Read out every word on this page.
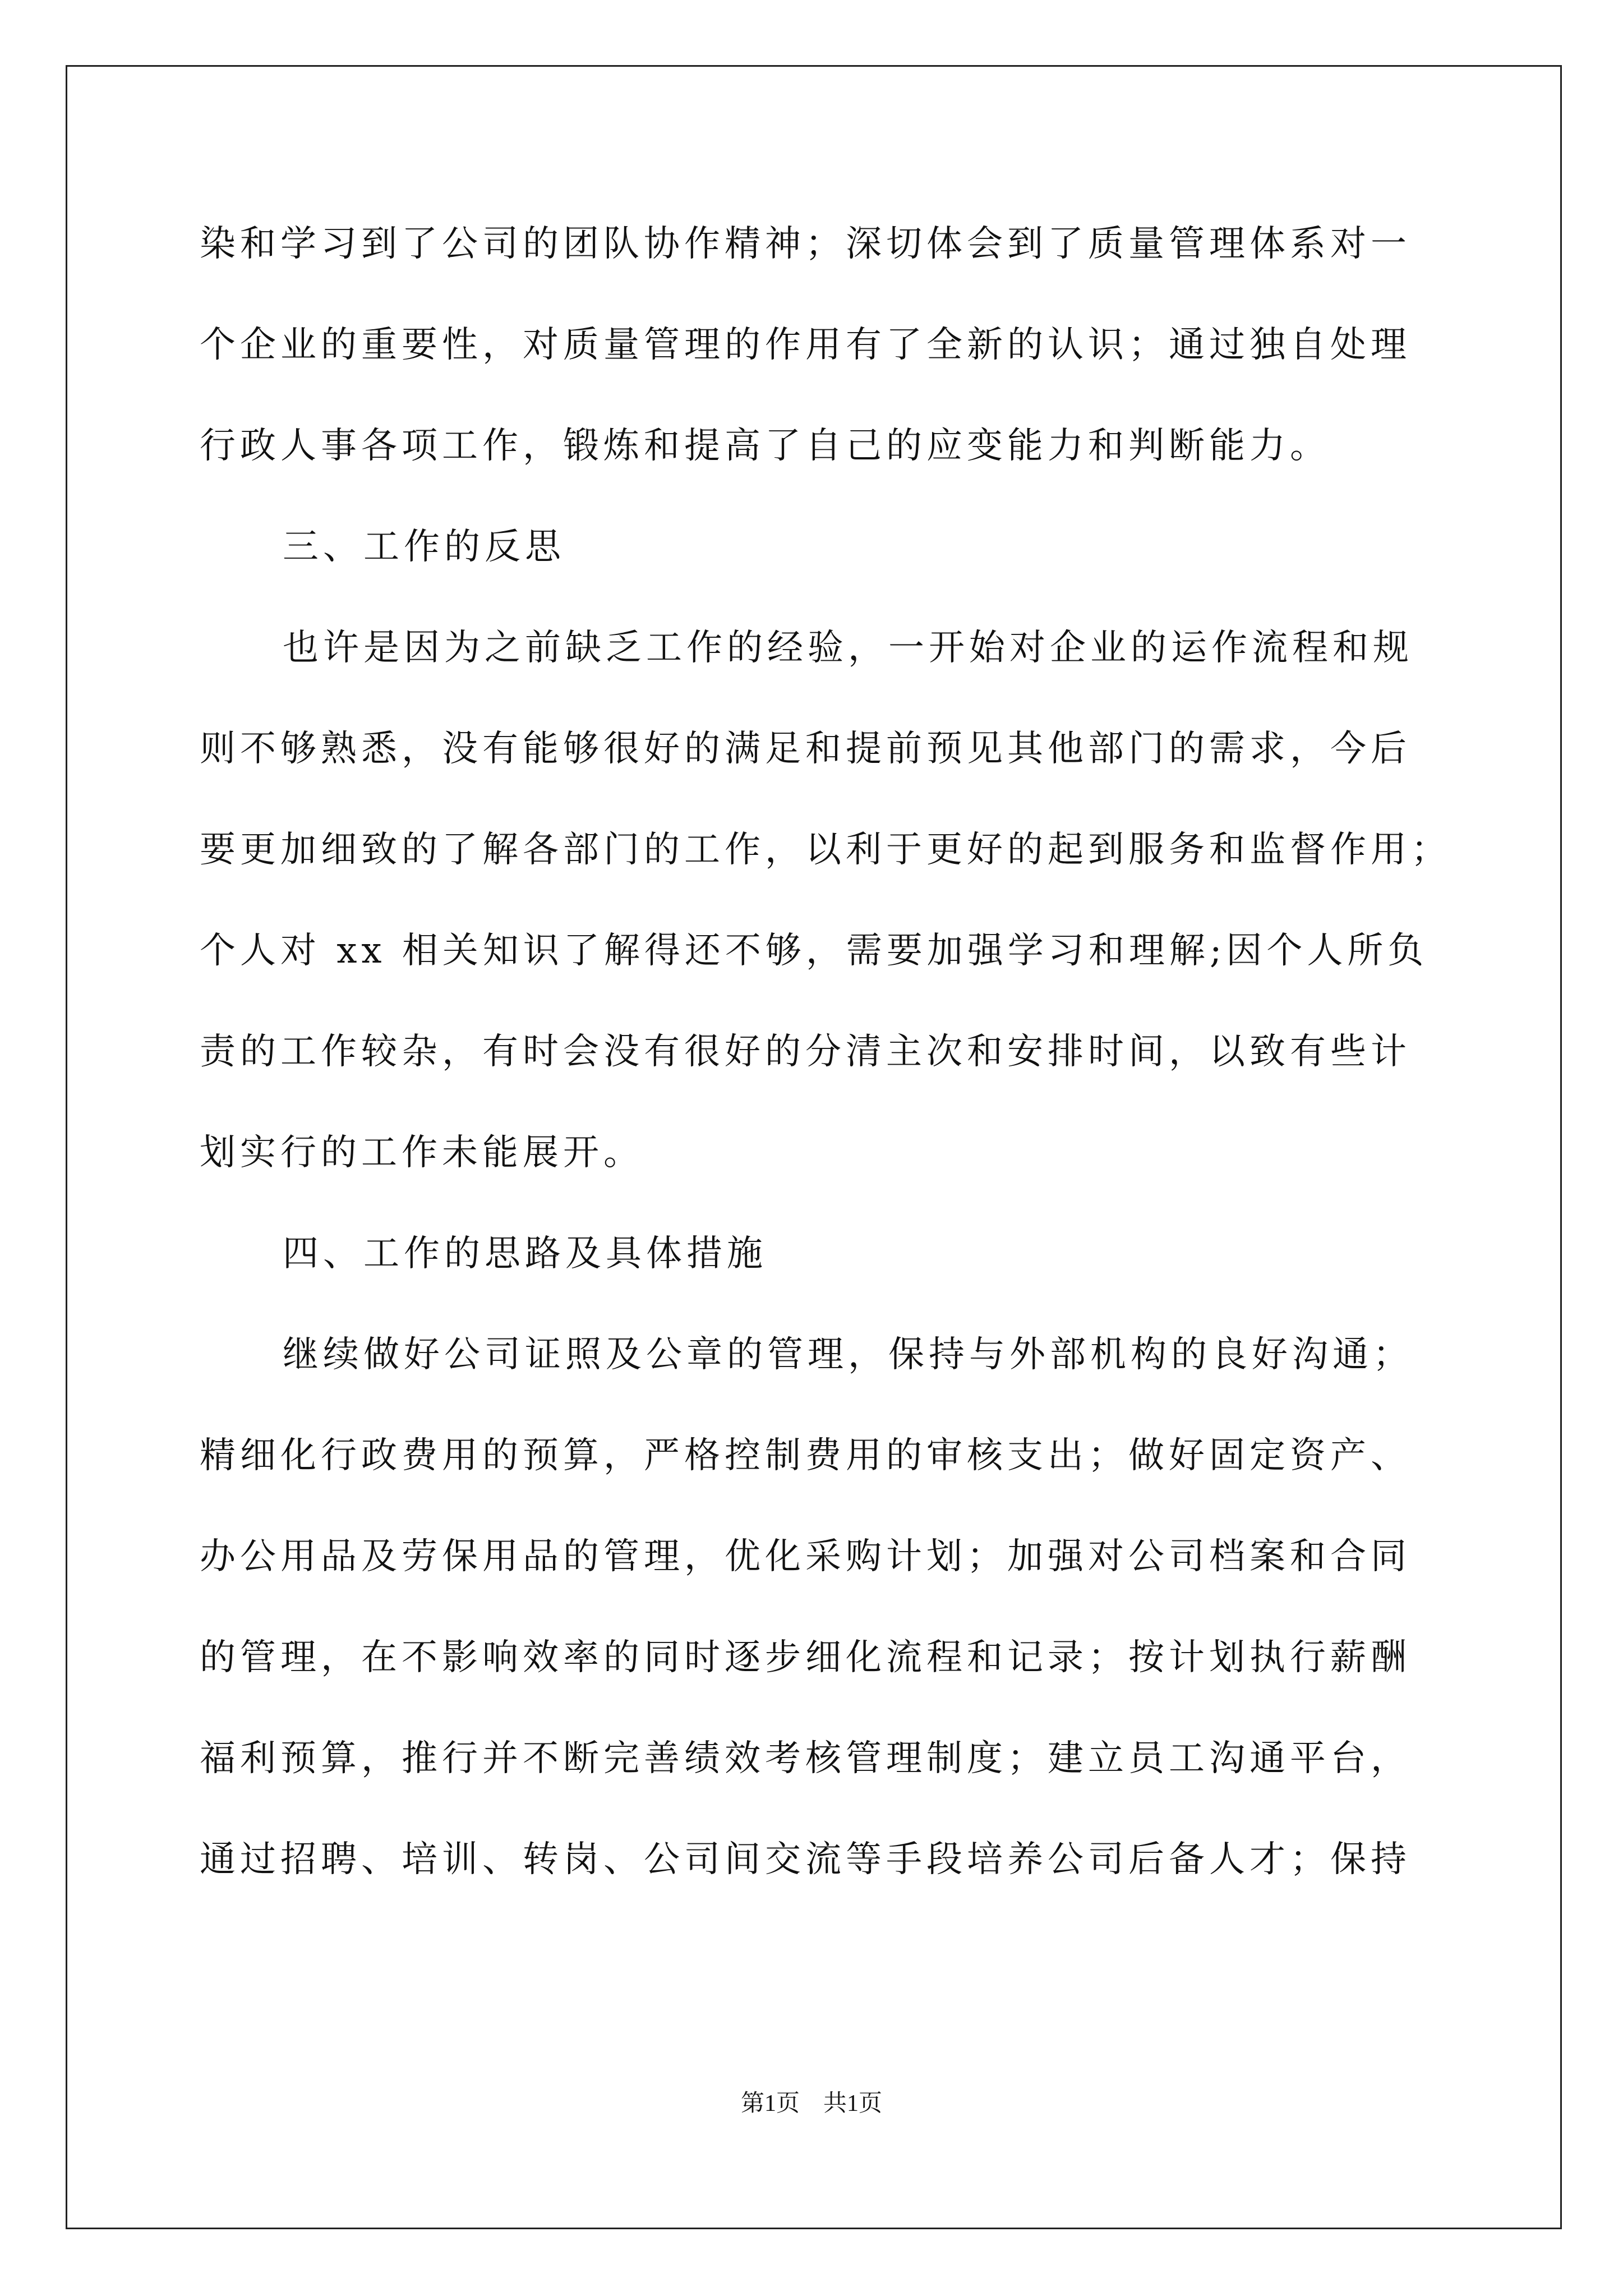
染和学习到了公司的团队协作精神；深切体会到了质量管理体系对一
个企业的重要性，对质量管理的作用有了全新的认识；通过独自处理
行政人事各项工作，锻炼和提高了自己的应变能力和判断能力。
三、工作的反思
也许是因为之前缺乏工作的经验，一开始对企业的运作流程和规
则不够熟悉，没有能够很好的满足和提前预见其他部门的需求，今后
要更加细致的了解各部门的工作，以利于更好的起到服务和监督作用；
个人对 xx 相关知识了解得还不够，需要加强学习和理解;因个人所负
责的工作较杂，有时会没有很好的分清主次和安排时间，以致有些计
划实行的工作未能展开。
四、工作的思路及具体措施
继续做好公司证照及公章的管理，保持与外部机构的良好沟通；
精细化行政费用的预算，严格控制费用的审核支出；做好固定资产、
办公用品及劳保用品的管理，优化采购计划；加强对公司档案和合同
的管理，在不影响效率的同时逐步细化流程和记录；按计划执行薪酬
福利预算，推行并不断完善绩效考核管理制度；建立员工沟通平台，
通过招聘、培训、转岗、公司间交流等手段培养公司后备人才；保持
第1页　共1页
